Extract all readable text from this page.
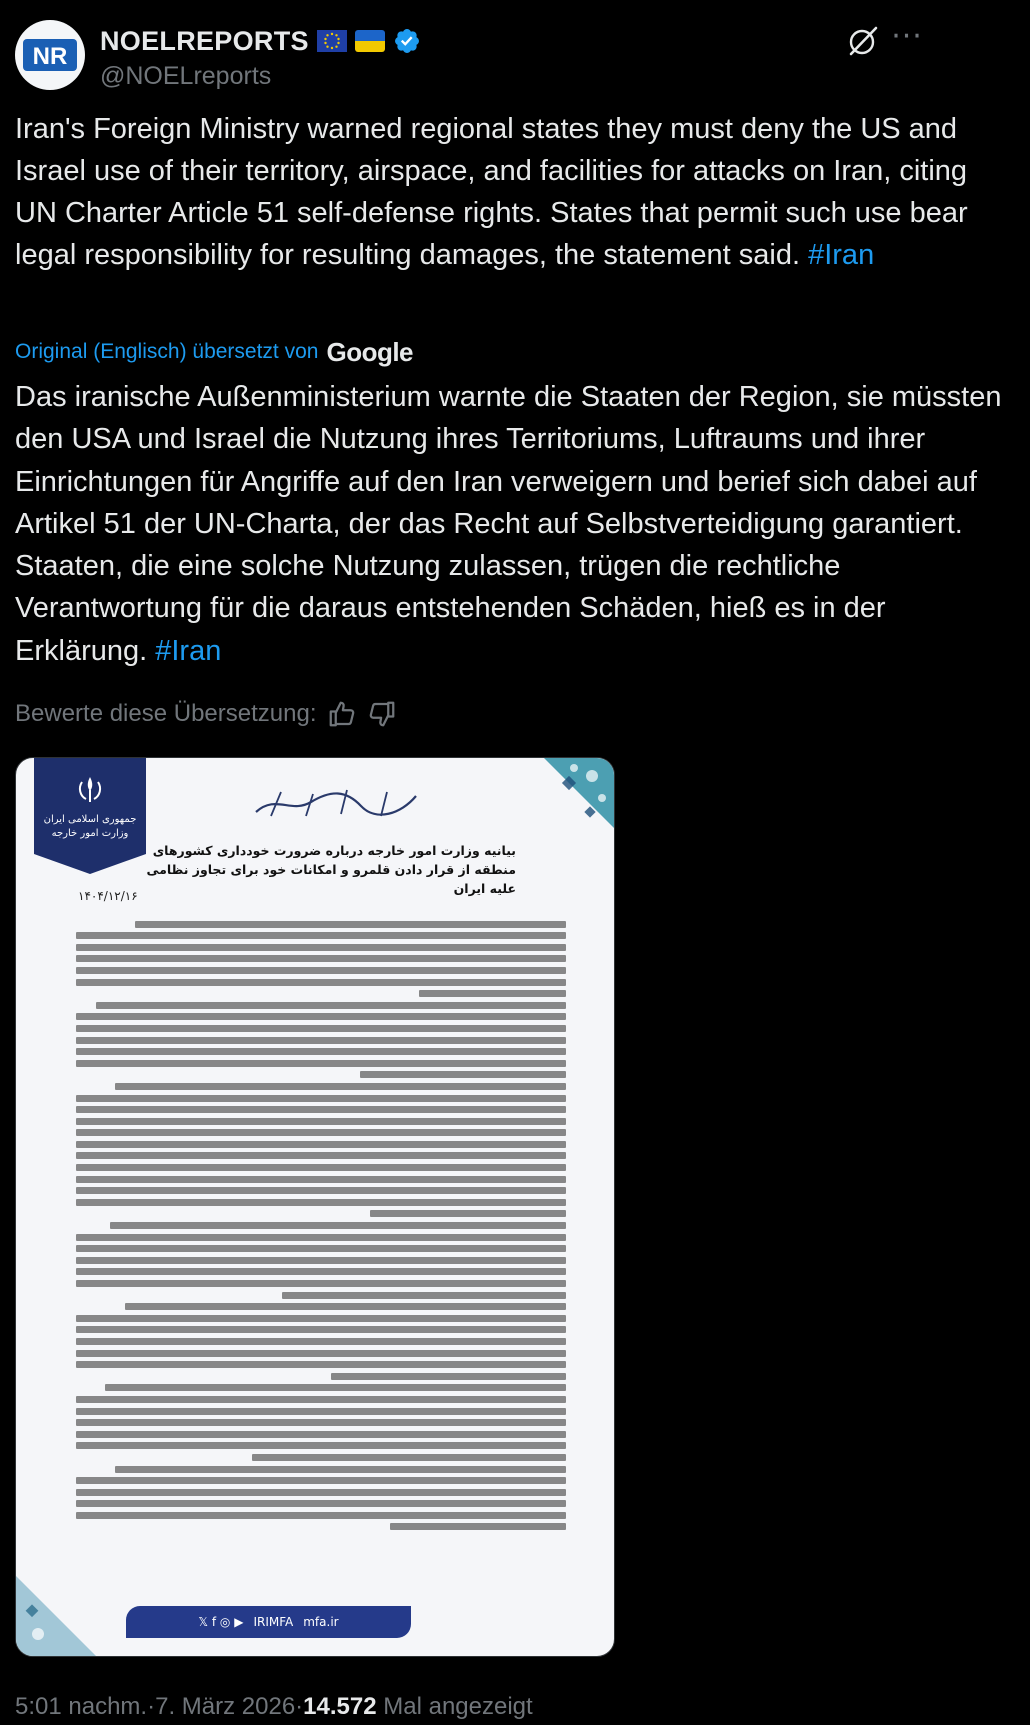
NR
NOELREPORTS
@NOELreports
···
Iran's Foreign Ministry warned regional states they must deny the US and Israel use of their territory, airspace, and facilities for attacks on Iran, citing UN Charter Article 51 self-defense rights. States that permit such use bear legal responsibility for resulting damages, the statement said. #Iran
Original (Englisch) übersetzt von Google
Das iranische Außenministerium warnte die Staaten der Region, sie müssten den USA und Israel die Nutzung ihres Territoriums, Luftraums und ihrer Einrichtungen für Angriffe auf den Iran verweigern und berief sich dabei auf Artikel 51 der UN-Charta, der das Recht auf Selbstverteidigung garantiert. Staaten, die eine solche Nutzung zulassen, trügen die rechtliche Verantwortung für die daraus entstehenden Schäden, hieß es in der Erklärung. #Iran
Bewerte diese Übersetzung:
جمهوری اسلامی ایران
وزارت امور خارجه
بیانیه وزارت امور خارجه درباره ضرورت خودداری کشورهای منطقه از قرار دادن قلمرو و امکانات خود برای تجاوز نظامی علیه ایران
۱۴۰۴/۱۲/۱۶
𝕏 f ◎ ▶ IRIMFA mfa.ir
5:01 nachm. · 7. März 2026 · 14.572
Mal angezeigt
